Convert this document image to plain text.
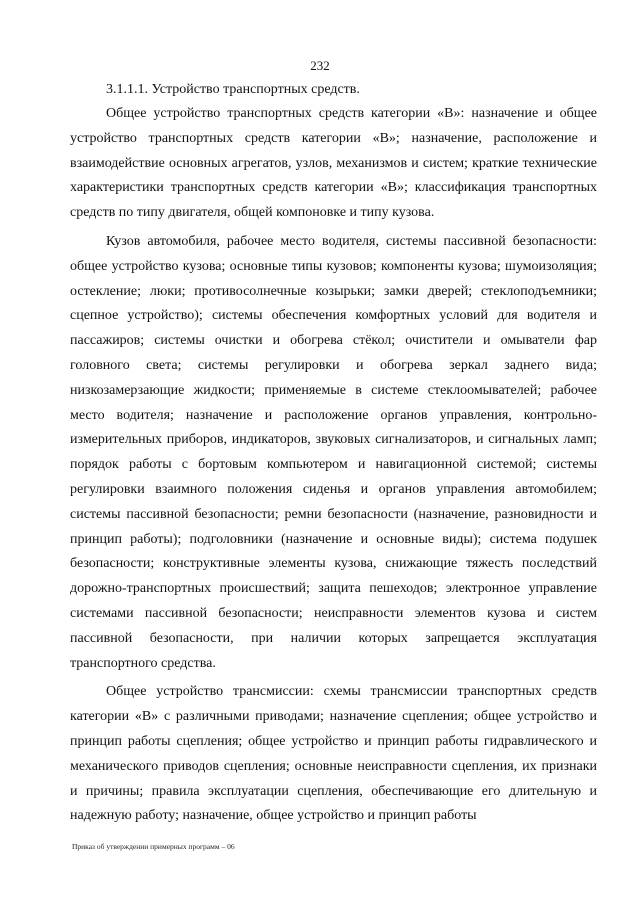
232
3.1.1.1. Устройство транспортных средств.

Общее устройство транспортных средств категории «В»: назначение и общее устройство транспортных средств категории «В»; назначение, расположение и взаимодействие основных агрегатов, узлов, механизмов и систем; краткие технические характеристики транспортных средств категории «В»; классификация транспортных средств по типу двигателя, общей компоновке и типу кузова.

Кузов автомобиля, рабочее место водителя, системы пассивной безопасности: общее устройство кузова; основные типы кузовов; компоненты кузова; шумоизоляция; остекление; люки; противосолнечные козырьки; замки дверей; стеклоподъемники; сцепное устройство); системы обеспечения комфортных условий для водителя и пассажиров; системы очистки и обогрева стёкол; очистители и омыватели фар головного света; системы регулировки и обогрева зеркал заднего вида; низкозамерзающие жидкости; применяемые в системе стеклоомывателей; рабочее место водителя; назначение и расположение органов управления, контрольно-измерительных приборов, индикаторов, звуковых сигнализаторов, и сигнальных ламп; порядок работы с бортовым компьютером и навигационной системой; системы регулировки взаимного положения сиденья и органов управления автомобилем; системы пассивной безопасности; ремни безопасности (назначение, разновидности и принцип работы); подголовники (назначение и основные виды); система подушек безопасности; конструктивные элементы кузова, снижающие тяжесть последствий дорожно-транспортных происшествий; защита пешеходов; электронное управление системами пассивной безопасности; неисправности элементов кузова и систем пассивной безопасности, при наличии которых запрещается эксплуатация транспортного средства.

Общее устройство трансмиссии: схемы трансмиссии транспортных средств категории «В» с различными приводами; назначение сцепления; общее устройство и принцип работы сцепления; общее устройство и принцип работы гидравлического и механического приводов сцепления; основные неисправности сцепления, их признаки и причины; правила эксплуатации сцепления, обеспечивающие его длительную и надежную работу; назначение, общее устройство и принцип работы

Приказ об утверждении примерных программ – 06
